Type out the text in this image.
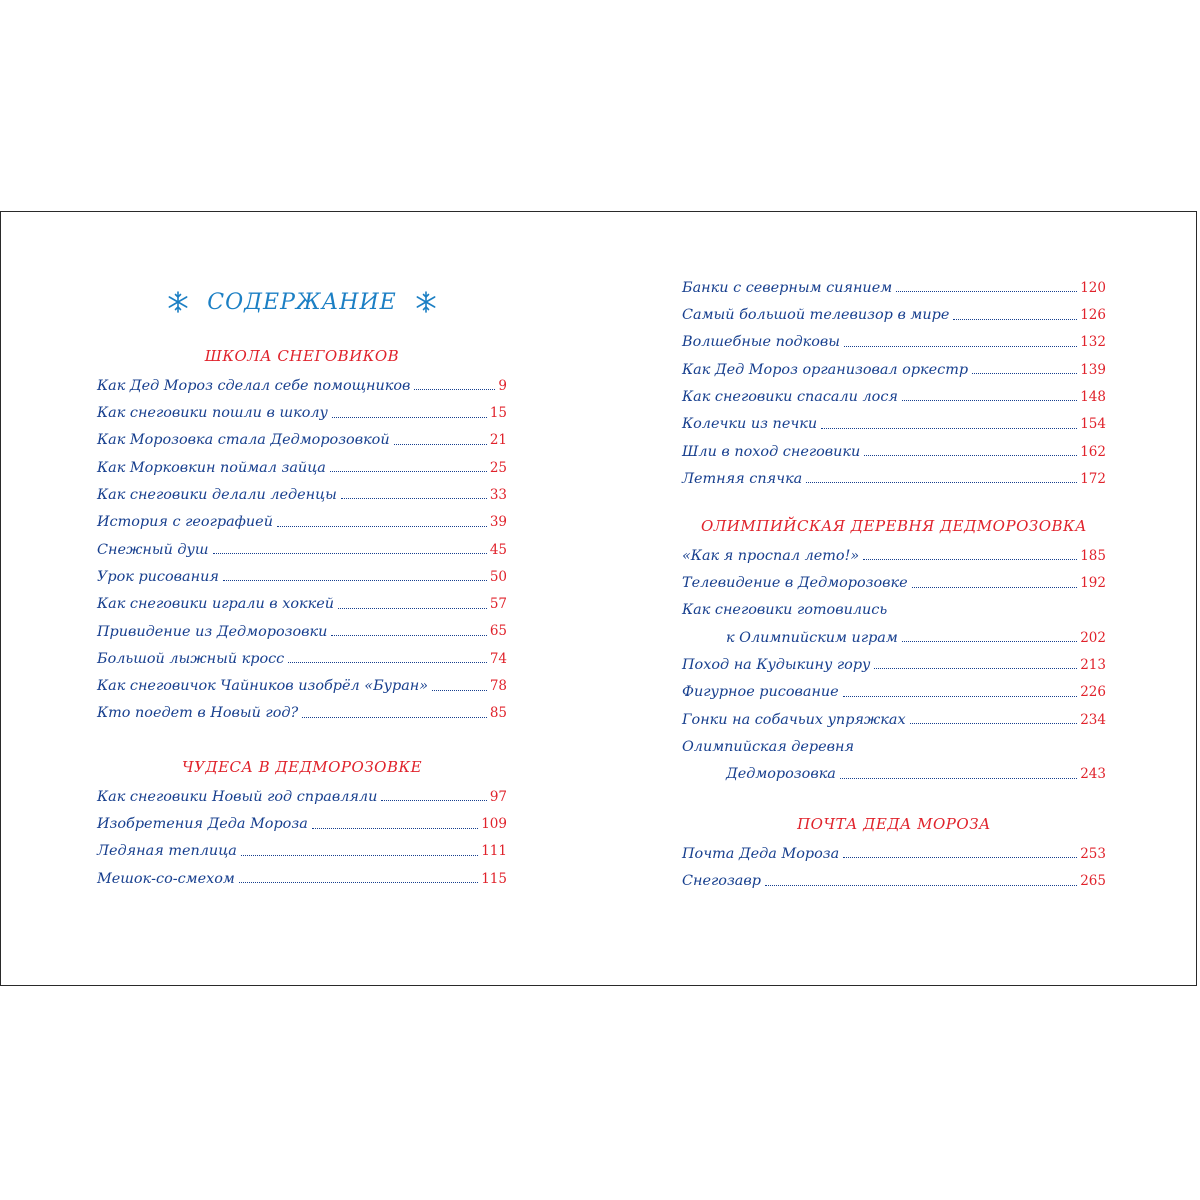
СОДЕРЖАНИЕ
ШКОЛА СНЕГОВИКОВ
Как Дед Мороз сделал себе помощников	9
Как снеговики пошли в школу	15
Как Морозовка стала Дедморозовкой	21
Как Морковкин поймал зайца	25
Как снеговики делали леденцы	33
История с географией	39
Снежный душ	45
Урок рисования	50
Как снеговики играли в хоккей	57
Привидение из Дедморозовки	65
Большой лыжный кросс	74
Как снеговичок Чайников изобрёл «Буран»	78
Кто поедет в Новый год?	85
ЧУДЕСА В ДЕДМОРОЗОВКЕ
Как снеговики Новый год справляли	97
Изобретения Деда Мороза	109
Ледяная теплица	111
Мешок-со-смехом	115
Банки с северным сиянием	120
Самый большой телевизор в мире	126
Волшебные подковы	132
Как Дед Мороз организовал оркестр	139
Как снеговики спасали лося	148
Колечки из печки	154
Шли в поход снеговики	162
Летняя спячка	172
ОЛИМПИЙСКАЯ ДЕРЕВНЯ ДЕДМОРОЗОВКА
«Как я проспал лето!»	185
Телевидение в Дедморозовке	192
Как снеговики готовились
к Олимпийским играм	202
Поход на Кудыкину гору	213
Фигурное рисование	226
Гонки на собачьих упряжках	234
Олимпийская деревня
Дедморозовка	243
ПОЧТА ДЕДА МОРОЗА
Почта Деда Мороза	253
Снегозавр	265
